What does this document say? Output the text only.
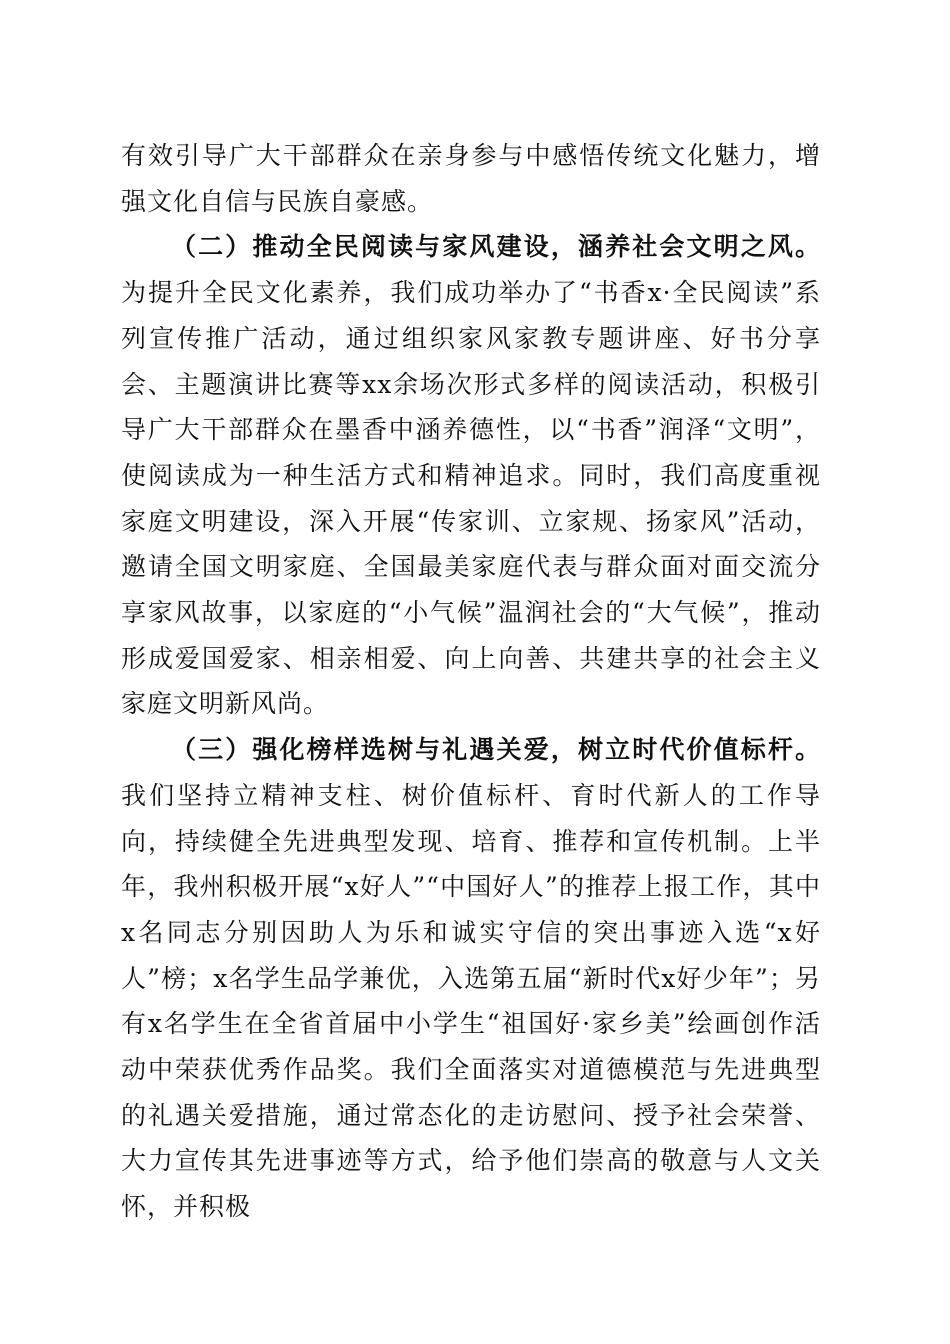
有效引导广大干部群众在亲身参与中感悟传统文化魅力，增强文化自信与民族自豪感。

（二）推动全民阅读与家风建设，涵养社会文明之风。为提升全民文化素养，我们成功举办了“书香x·全民阅读”系列宣传推广活动，通过组织家风家教专题讲座、好书分享会、主题演讲比赛等xx余场次形式多样的阅读活动，积极引导广大干部群众在墨香中涵养德性，以“书香”润泽“文明”，使阅读成为一种生活方式和精神追求。同时，我们高度重视家庭文明建设，深入开展“传家训、立家规、扬家风”活动，邀请全国文明家庭、全国最美家庭代表与群众面对面交流分享家风故事，以家庭的“小气候”温润社会的“大气候”，推动形成爱国爱家、相亲相爱、向上向善、共建共享的社会主义家庭文明新风尚。

（三）强化榜样选树与礼遇关爱，树立时代价值标杆。我们坚持立精神支柱、树价值标杆、育时代新人的工作导向，持续健全先进典型发现、培育、推荐和宣传机制。上半年，我州积极开展“x好人”“中国好人”的推荐上报工作，其中x名同志分别因助人为乐和诚实守信的突出事迹入选“x好人”榜；x名学生品学兼优，入选第五届“新时代x好少年”；另有x名学生在全省首届中小学生“祖国好·家乡美”绘画创作活动中荣获优秀作品奖。我们全面落实对道德模范与先进典型的礼遇关爱措施，通过常态化的走访慰问、授予社会荣誉、大力宣传其先进事迹等方式，给予他们崇高的敬意与人文关怀，并积极
